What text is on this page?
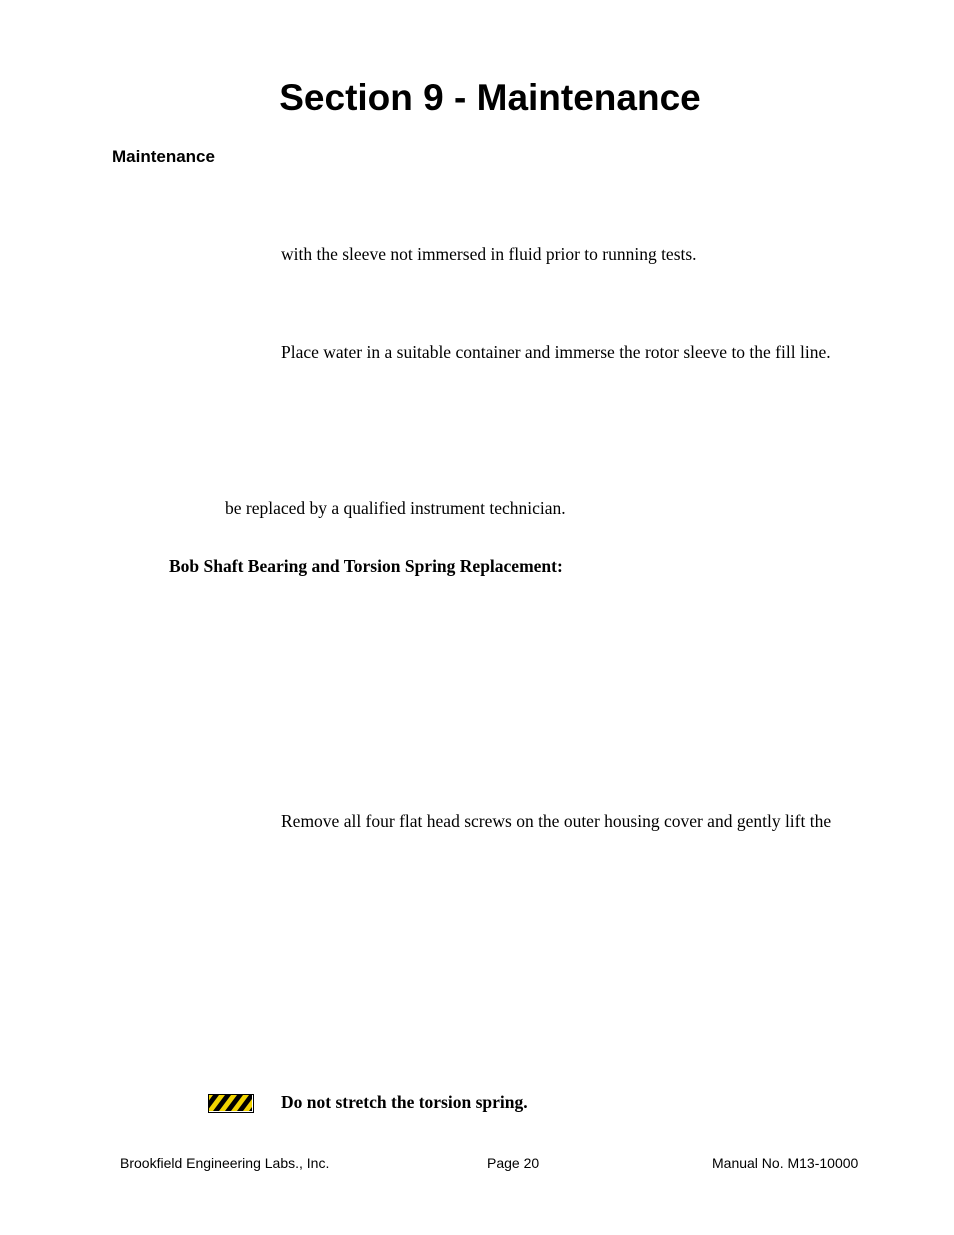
Section 9 - Maintenance
Maintenance

with the sleeve not immersed in fluid prior to running tests.

Place water in a suitable container and immerse the rotor sleeve to the fill line.

be replaced by a qualified instrument technician.

Bob Shaft Bearing and Torsion Spring Replacement:

Remove all four flat head screws on the outer housing cover and gently lift the

Do not stretch the torsion spring.

Brookfield Engineering Labs., Inc.	Page 20	Manual No. M13-10000
